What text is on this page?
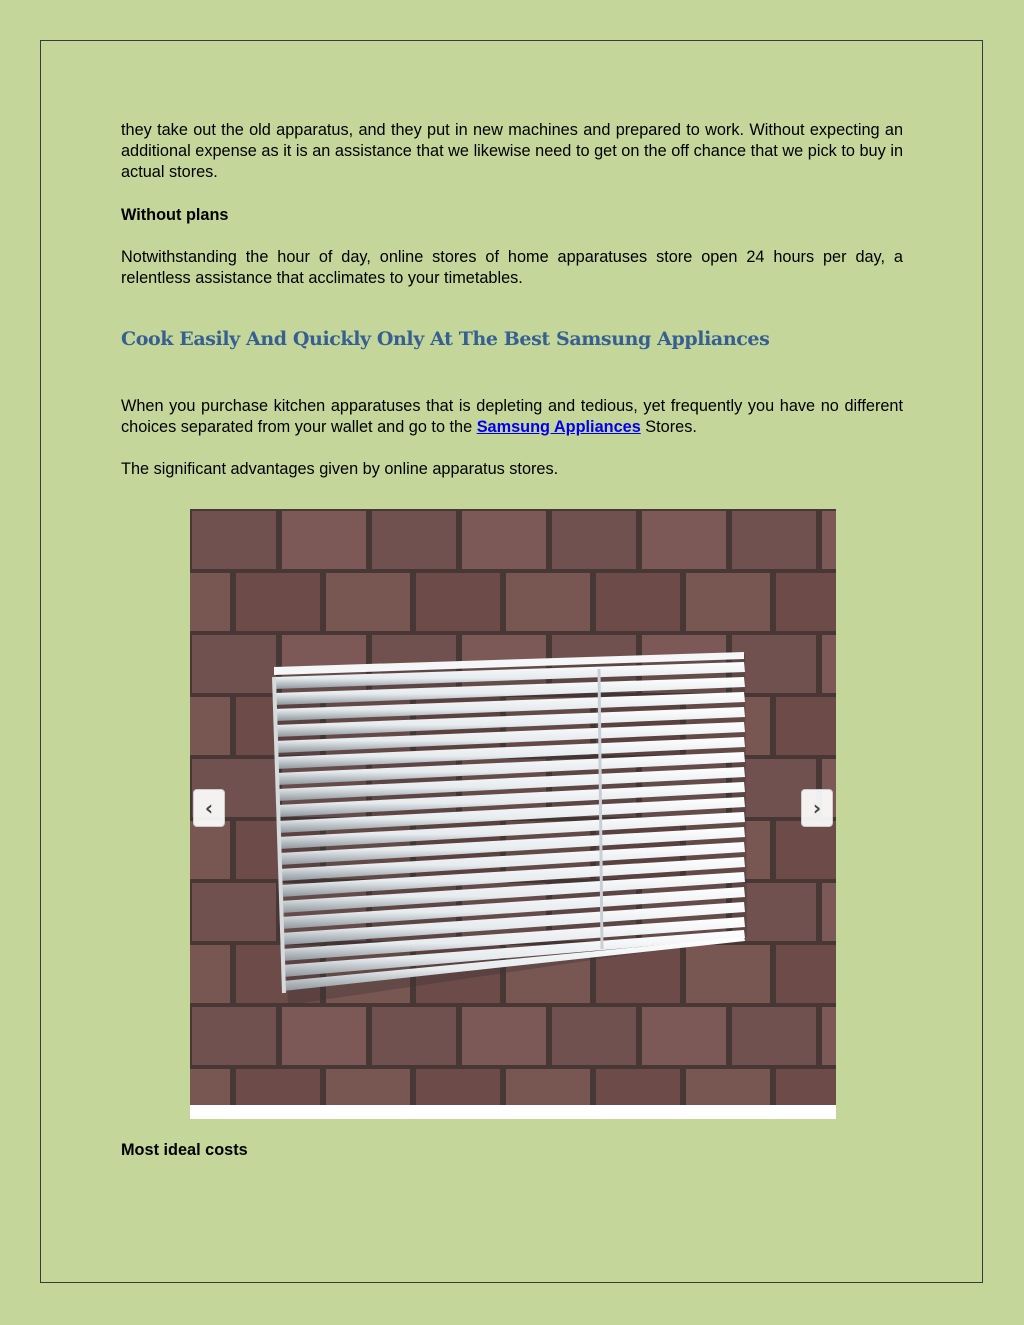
they take out the old apparatus, and they put in new machines and prepared to work. Without expecting an additional expense as it is an assistance that we likewise need to get on the off chance that we pick to buy in actual stores.

Without plans

Notwithstanding the hour of day, online stores of home apparatuses store open 24 hours per day, a relentless assistance that acclimates to your timetables.

Cook Easily And Quickly Only At The Best Samsung Appliances

When you purchase kitchen apparatuses that is depleting and tedious, yet frequently you have no different choices separated from your wallet and go to the Samsung Appliances Stores.

The significant advantages given by online apparatus stores.

‹	›

Most ideal costs
